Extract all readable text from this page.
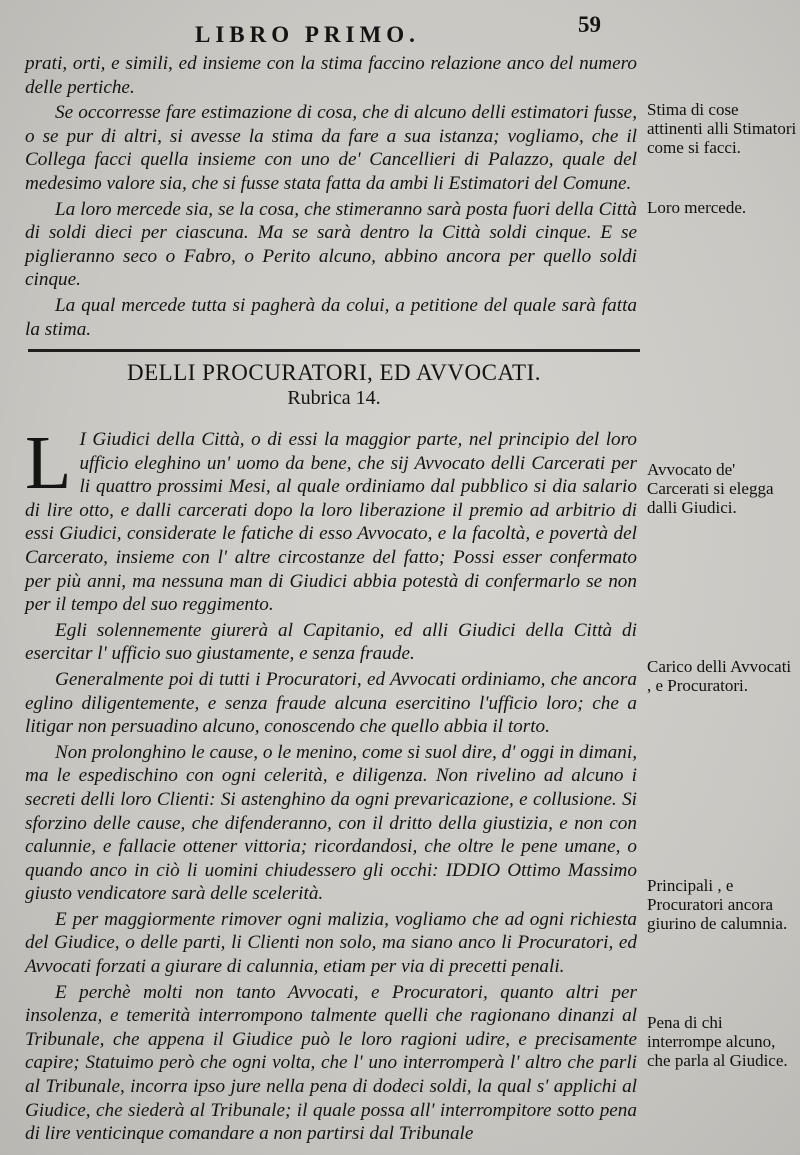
LIBRO PRIMO.	59

prati, orti, e simili, ed insieme con la stima faccino relazione anco del numero delle pertiche.

Se occorresse fare estimazione di cosa, che di alcuno delli estimatori fusse, o se pur di altri, si avesse la stima da fare a sua istanza; vogliamo, che il Collega facci quella insieme con uno de' Cancellieri di Palazzo, quale del medesimo valore sia, che si fusse stata fatta da ambi li Estimatori del Comune.

La loro mercede sia, se la cosa, che stimeranno sarà posta fuori della Città di soldi dieci per ciascuna. Ma se sarà dentro la Città soldi cinque. E se piglieranno seco o Fabro, o Perito alcuno, abbino ancora per quello soldi cinque.

La qual mercede tutta si pagherà da colui, a petitione del quale sarà fatta la stima.

DELLI PROCURATORI, ED AVVOCATI.
Rubrica 14.

L I Giudici della Città, o di essi la maggior parte, nel principio del loro ufficio eleghino un' uomo da bene, che sij Avvocato delli Carcerati per li quattro prossimi Mesi, al quale ordiniamo dal pubblico si dia salario di lire otto, e dalli carcerati dopo la loro liberazione il premio ad arbitrio di essi Giudici, considerate le fatiche di esso Avvocato, e la facoltà, e povertà del Carcerato, insieme con l' altre circostanze del fatto; Possi esser confermato per più anni, ma nessuna man di Giudici abbia potestà di confermarlo se non per il tempo del suo reggimento.

Egli solennemente giurerà al Capitanio, ed alli Giudici della Città di esercitar l' ufficio suo giustamente, e senza fraude.

Generalmente poi di tutti i Procuratori, ed Avvocati ordiniamo, che ancora eglino diligentemente, e senza fraude alcuna esercitino l'ufficio loro; che a litigar non persuadino alcuno, conoscendo che quello abbia il torto.

Non prolonghino le cause, o le menino, come si suol dire, d' oggi in dimani, ma le espedischino con ogni celerità, e diligenza. Non rivelino ad alcuno i secreti delli loro Clienti: Si astenghino da ogni prevaricazione, e collusione. Si sforzino delle cause, che difenderanno, con il dritto della giustizia, e non con calunnie, e fallacie ottener vittoria; ricordandosi, che oltre le pene umane, o quando anco in ciò li uomini chiudessero gli occhi: IDDIO Ottimo Massimo giusto vendicatore sarà delle scelerità.

E per maggiormente rimover ogni malizia, vogliamo che ad ogni richiesta del Giudice, o delle parti, li Clienti non solo, ma siano anco li Procuratori, ed Avvocati forzati a giurare di calunnia, etiam per via di precetti penali.

E perchè molti non tanto Avvocati, e Procuratori, quanto altri per insolenza, e temerità interrompono talmente quelli che ragionano dinanzi al Tribunale, che appena il Giudice può le loro ragioni udire, e precisamente capire; Statuimo però che ogni volta, che l' uno interromperà l' altro che parli al Tribunale, incorra ipso jure nella pena di dodeci soldi, la qual s' applichi al Giudice, che siederà al Tribunale; il quale possa all' interrompitore sotto pena di lire venticinque comandare a non partirsi dal Tribunale

Stima di cose attinenti alli Stimatori come si facci.
Loro mercede.
Avvocato de' Carcerati si elegga dalli Giudici.
Carico delli Avvocati , e Procuratori.
Principali , e Procuratori ancora giurino de calumnia.
Pena di chi interrompe alcuno, che parla al Giudice.
